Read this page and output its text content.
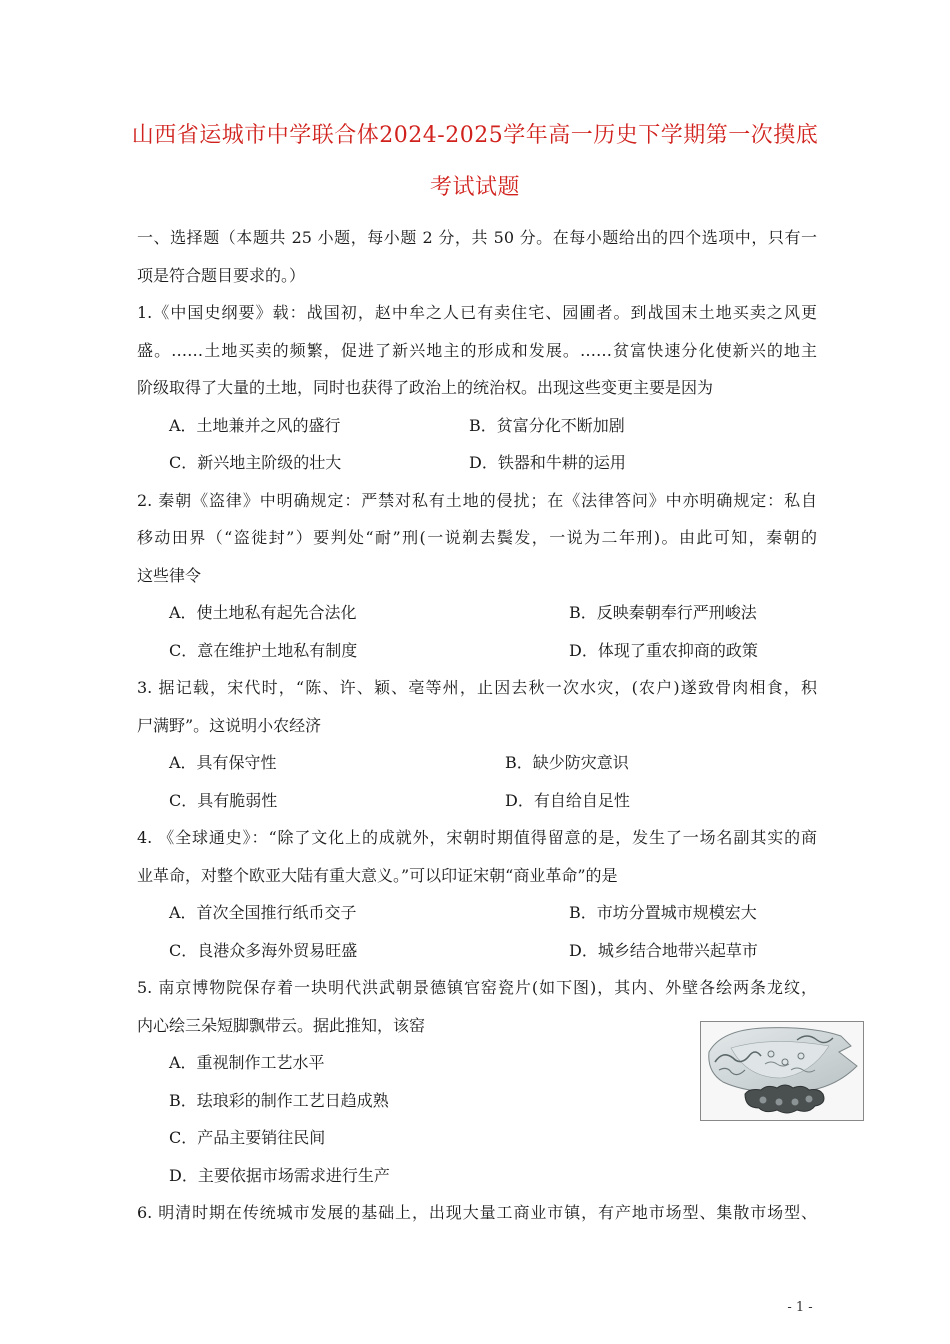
山西省运城市中学联合体2024-2025学年高一历史下学期第一次摸底
考试试题
一、选择题（本题共 25 小题，每小题 2 分，共 50 分。在每小题给出的四个选项中，只有一
项是符合题目要求的。）
1.《中国史纲要》载：战国初，赵中牟之人已有卖住宅、园圃者。到战国末土地买卖之风更
盛。……土地买卖的频繁，促进了新兴地主的形成和发展。……贫富快速分化使新兴的地主
阶级取得了大量的土地，同时也获得了政治上的统治权。出现这些变更主要是因为
A．土地兼并之风的盛行	B．贫富分化不断加剧
C．新兴地主阶级的壮大	D．铁器和牛耕的运用
2. 秦朝《盗律》中明确规定：严禁对私有土地的侵扰；在《法律答问》中亦明确规定：私自
移动田界（“盗徙封”）要判处“耐”刑(一说剃去鬓发，一说为二年刑)。由此可知，秦朝的
这些律令
A．使土地私有起先合法化	B．反映秦朝奉行严刑峻法
C．意在维护土地私有制度	D．体现了重农抑商的政策
3. 据记载，宋代时，“陈、许、颖、亳等州，止因去秋一次水灾，(农户)遂致骨肉相食，积
尸满野”。这说明小农经济
A．具有保守性	B．缺少防灾意识
C．具有脆弱性	D．有自给自足性
4. 《全球通史》：“除了文化上的成就外，宋朝时期值得留意的是，发生了一场名副其实的商
业革命，对整个欧亚大陆有重大意义。”可以印证宋朝“商业革命”的是
A．首次全国推行纸币交子	B．市坊分置城市规模宏大
C．良港众多海外贸易旺盛	D．城乡结合地带兴起草市
5. 南京博物院保存着一块明代洪武朝景德镇官窑瓷片(如下图)，其内、外壁各绘两条龙纹，
内心绘三朵短脚飘带云。据此推知，该窑
A．重视制作工艺水平
B．珐琅彩的制作工艺日趋成熟
C．产品主要销往民间
D．主要依据市场需求进行生产
6. 明清时期在传统城市发展的基础上，出现大量工商业市镇，有产地市场型、集散市场型、
- 1 -
